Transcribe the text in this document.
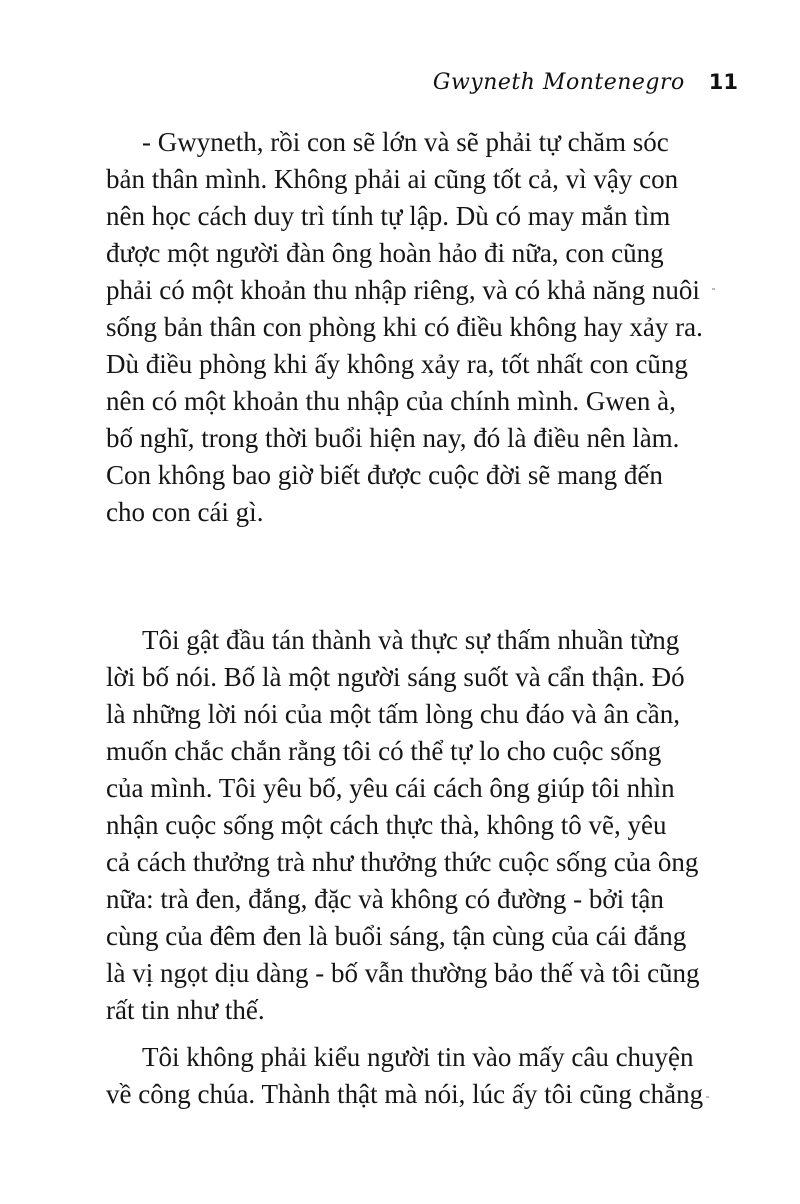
Gwyneth Montenegro 11
- Gwyneth, rồi con sẽ lớn và sẽ phải tự chăm sóc
bản thân mình. Không phải ai cũng tốt cả, vì vậy con
nên học cách duy trì tính tự lập. Dù có may mắn tìm
được một người đàn ông hoàn hảo đi nữa, con cũng
phải có một khoản thu nhập riêng, và có khả năng nuôi
sống bản thân con phòng khi có điều không hay xảy ra.
Dù điều phòng khi ấy không xảy ra, tốt nhất con cũng
nên có một khoản thu nhập của chính mình. Gwen à,
bố nghĩ, trong thời buổi hiện nay, đó là điều nên làm.
Con không bao giờ biết được cuộc đời sẽ mang đến
cho con cái gì.
Tôi gật đầu tán thành và thực sự thấm nhuần từng
lời bố nói. Bố là một người sáng suốt và cẩn thận. Đó
là những lời nói của một tấm lòng chu đáo và ân cần,
muốn chắc chắn rằng tôi có thể tự lo cho cuộc sống
của mình. Tôi yêu bố, yêu cái cách ông giúp tôi nhìn
nhận cuộc sống một cách thực thà, không tô vẽ, yêu
cả cách thưởng trà như thưởng thức cuộc sống của ông
nữa: trà đen, đắng, đặc và không có đường - bởi tận
cùng của đêm đen là buổi sáng, tận cùng của cái đắng
là vị ngọt dịu dàng - bố vẫn thường bảo thế và tôi cũng
rất tin như thế.
Tôi không phải kiểu người tin vào mấy câu chuyện
về công chúa. Thành thật mà nói, lúc ấy tôi cũng chẳng
